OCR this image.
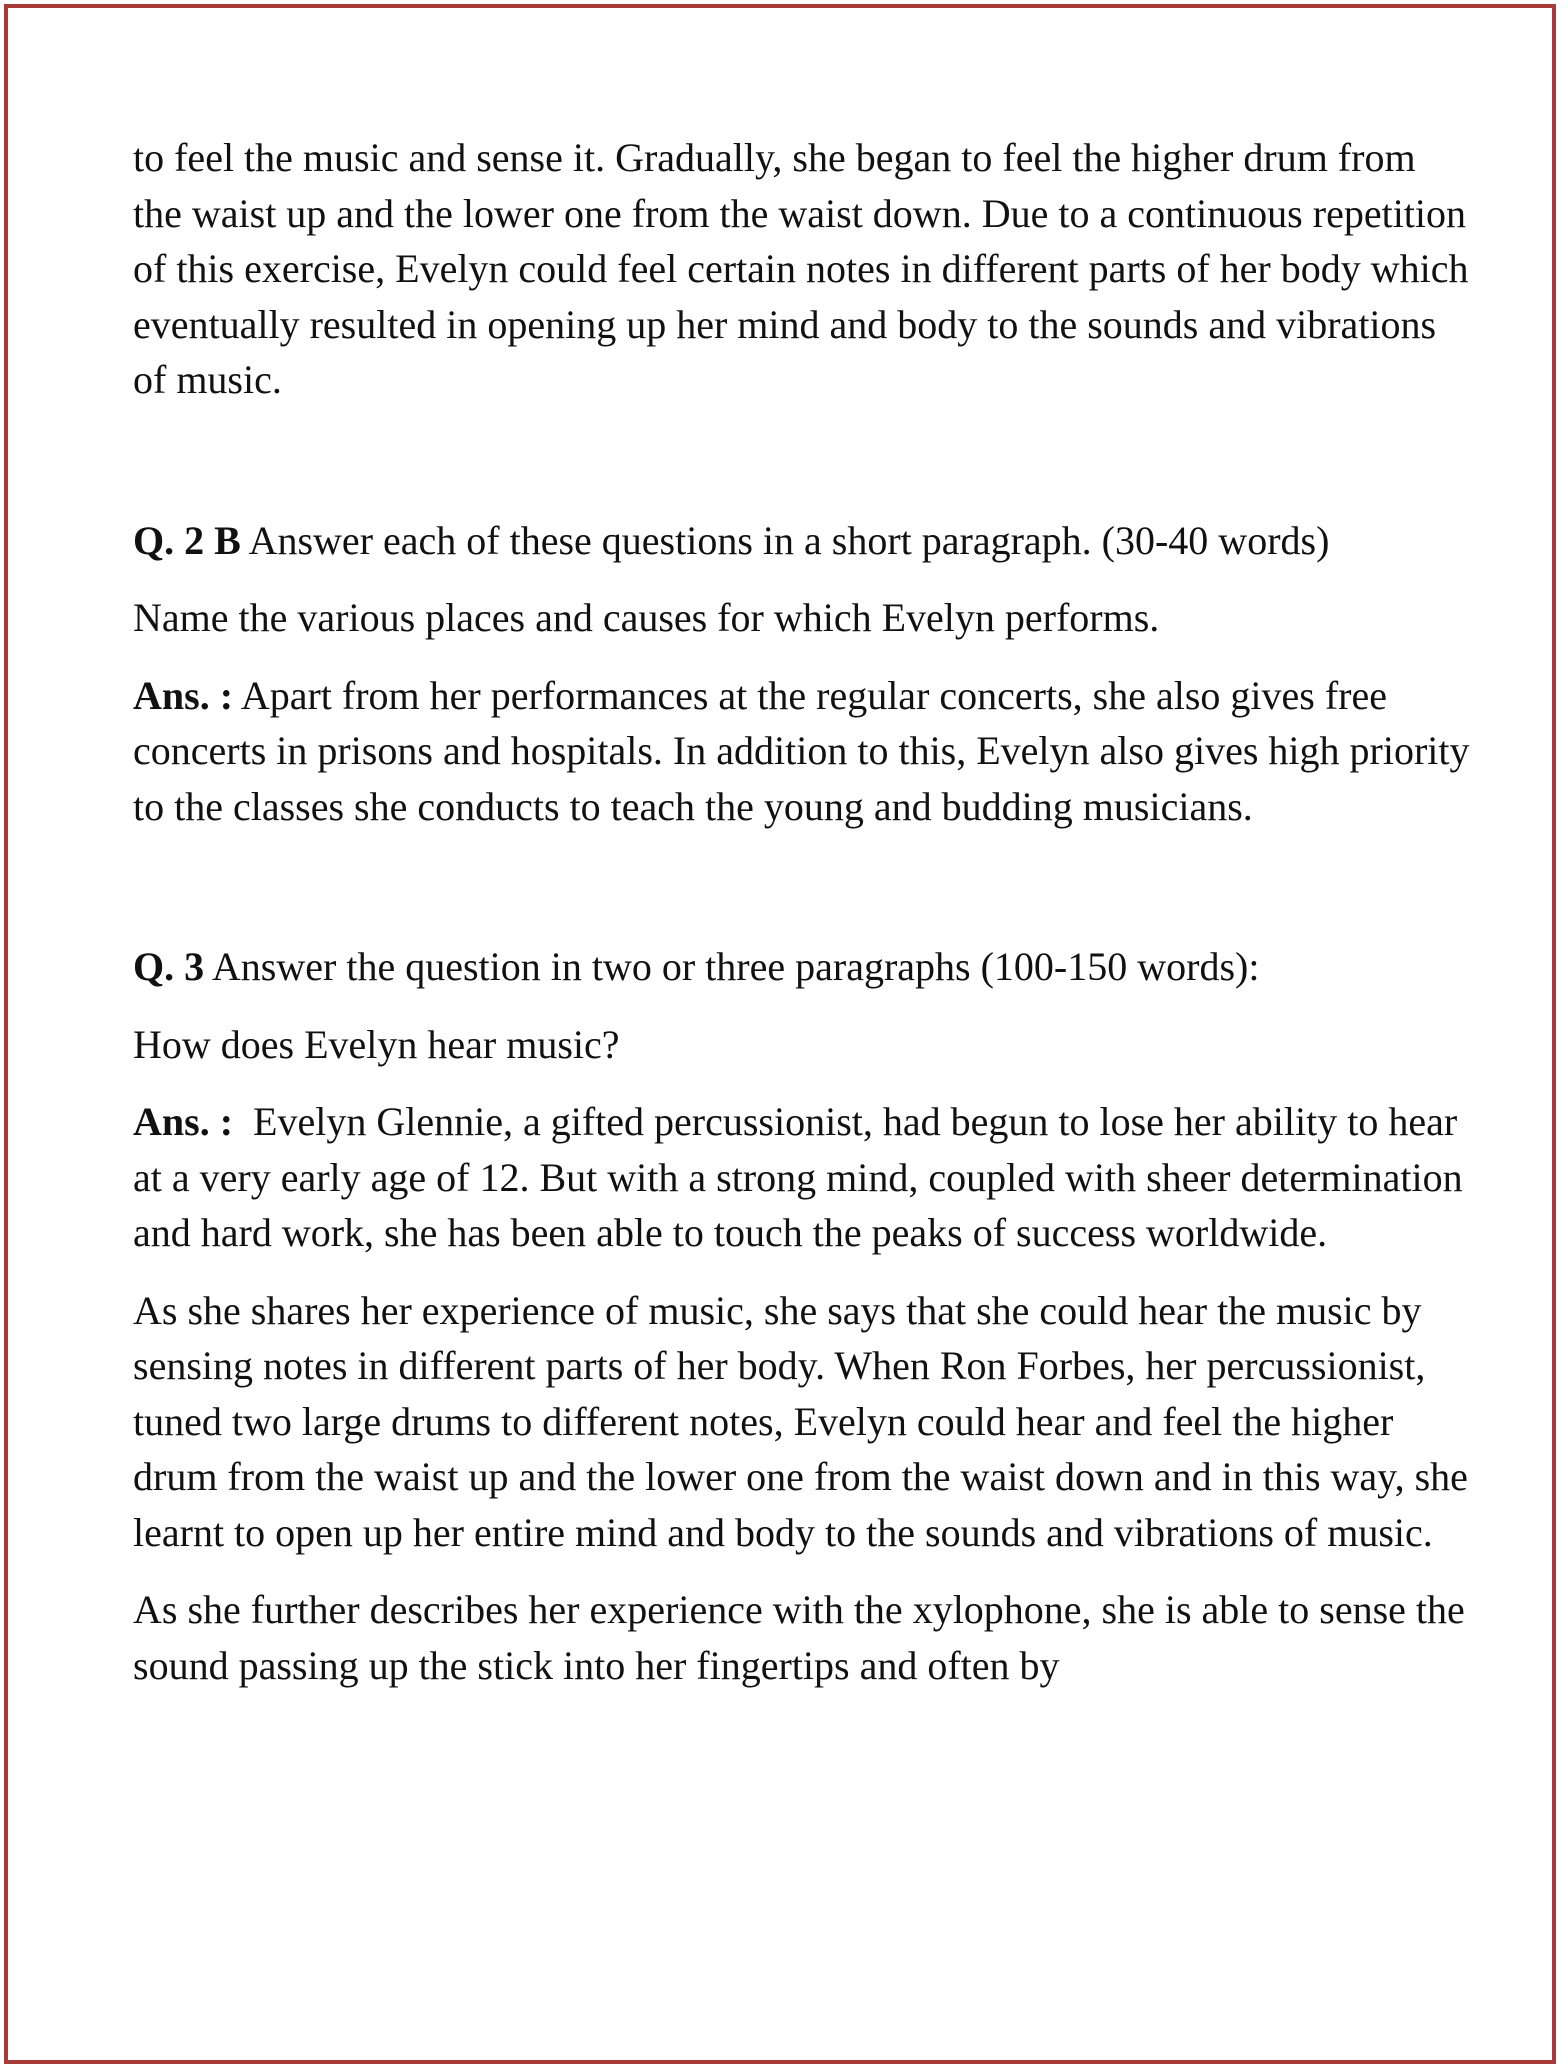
to feel the music and sense it. Gradually, she began to feel the higher drum from the waist up and the lower one from the waist down. Due to a continuous repetition of this exercise, Evelyn could feel certain notes in different parts of her body which eventually resulted in opening up her mind and body to the sounds and vibrations of music.

Q. 2 B Answer each of these questions in a short paragraph. (30-40 words)

Name the various places and causes for which Evelyn performs.

Ans. : Apart from her performances at the regular concerts, she also gives free concerts in prisons and hospitals. In addition to this, Evelyn also gives high priority to the classes she conducts to teach the young and budding musicians.

Q. 3 Answer the question in two or three paragraphs (100-150 words):

How does Evelyn hear music?

Ans. : Evelyn Glennie, a gifted percussionist, had begun to lose her ability to hear at a very early age of 12. But with a strong mind, coupled with sheer determination and hard work, she has been able to touch the peaks of success worldwide.

As she shares her experience of music, she says that she could hear the music by sensing notes in different parts of her body. When Ron Forbes, her percussionist, tuned two large drums to different notes, Evelyn could hear and feel the higher drum from the waist up and the lower one from the waist down and in this way, she learnt to open up her entire mind and body to the sounds and vibrations of music.

As she further describes her experience with the xylophone, she is able to sense the sound passing up the stick into her fingertips and often by
